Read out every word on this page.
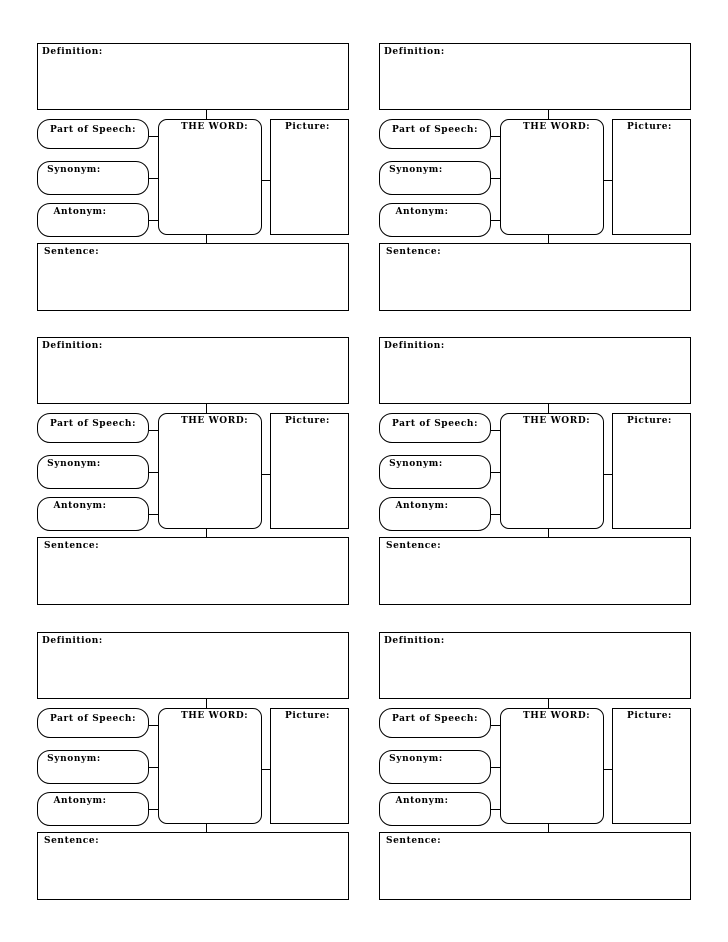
Definition:
Part of Speech:
Synonym:
Antonym:
THE WORD:	Picture:
Sentence:
Definition:
Part of Speech:
Synonym:
Antonym:
THE WORD:	Picture:
Sentence:
Definition:
Part of Speech:
Synonym:
Antonym:
THE WORD:	Picture:
Sentence:
Definition:
Part of Speech:
Synonym:
Antonym:
THE WORD:	Picture:
Sentence:
Definition:
Part of Speech:
Synonym:
Antonym:
THE WORD:	Picture:
Sentence:
Definition:
Part of Speech:
Synonym:
Antonym:
THE WORD:	Picture:
Sentence:
